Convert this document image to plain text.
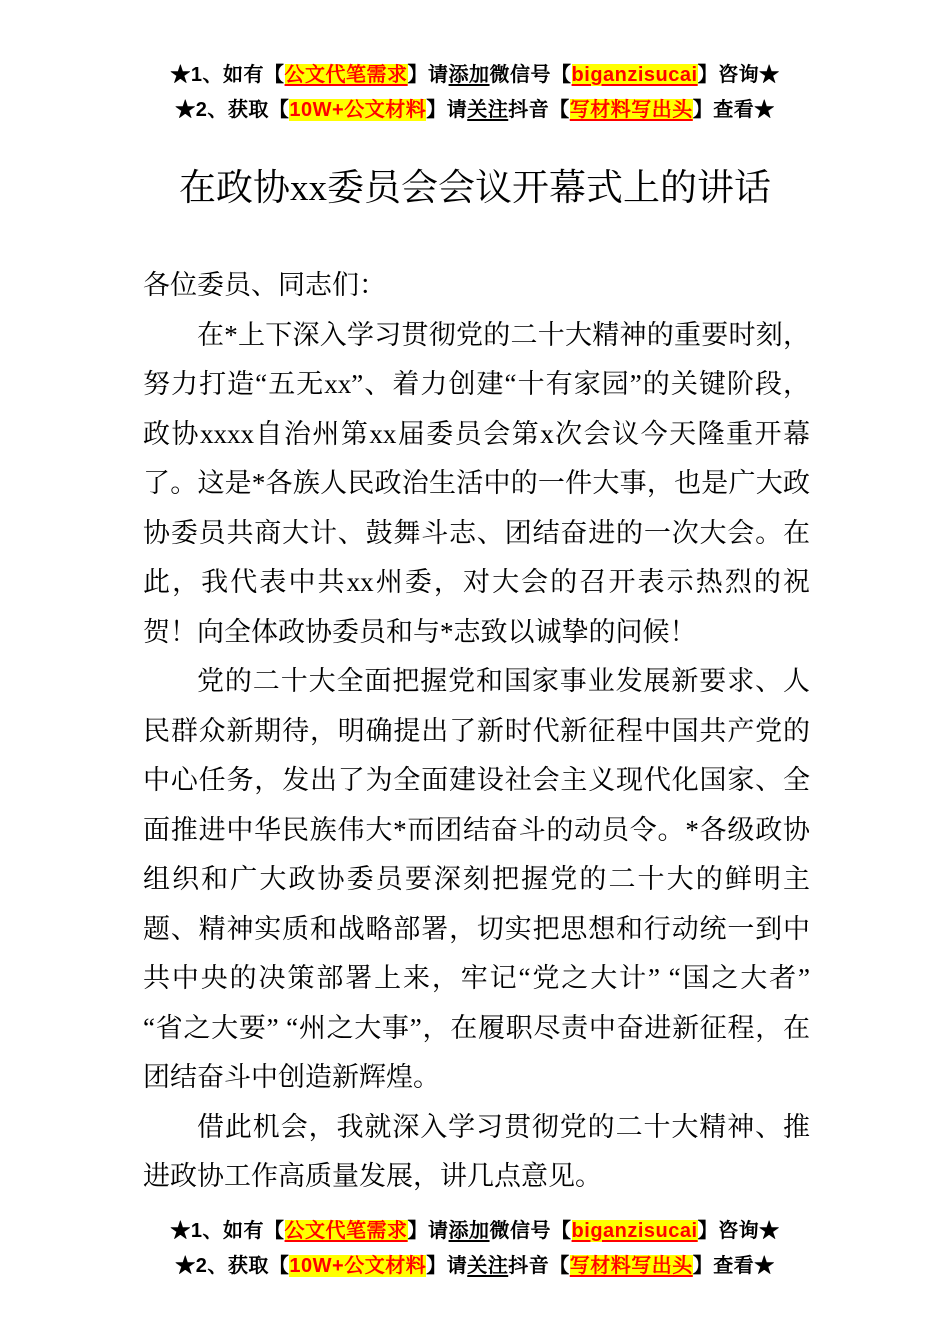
★1、如有【公文代笔需求】请添加微信号【biganzisucai】咨询★
★2、获取【10W+公文材料】请关注抖音【写材料写出头】查看★
在政协xx委员会会议开幕式上的讲话

各位委员、同志们：

在*上下深入学习贯彻党的二十大精神的重要时刻，努力打造“五无xx”、着力创建“十有家园”的关键阶段，政协xxxx自治州第xx届委员会第x次会议今天隆重开幕了。这是*各族人民政治生活中的一件大事，也是广大政协委员共商大计、鼓舞斗志、团结奋进的一次大会。在此，我代表中共xx州委，对大会的召开表示热烈的祝贺！向全体政协委员和与*志致以诚挚的问候！

党的二十大全面把握党和国家事业发展新要求、人民群众新期待，明确提出了新时代新征程中国共产党的中心任务，发出了为全面建设社会主义现代化国家、全面推进中华民族伟大*而团结奋斗的动员令。*各级政协组织和广大政协委员要深刻把握党的二十大的鲜明主题、精神实质和战略部署，切实把思想和行动统一到中共中央的决策部署上来，牢记“党之大计” “国之大者” “省之大要” “州之大事”，在履职尽责中奋进新征程，在团结奋斗中创造新辉煌。

借此机会，我就深入学习贯彻党的二十大精神、推进政协工作高质量发展，讲几点意见。

★1、如有【公文代笔需求】请添加微信号【biganzisucai】咨询★
★2、获取【10W+公文材料】请关注抖音【写材料写出头】查看★
